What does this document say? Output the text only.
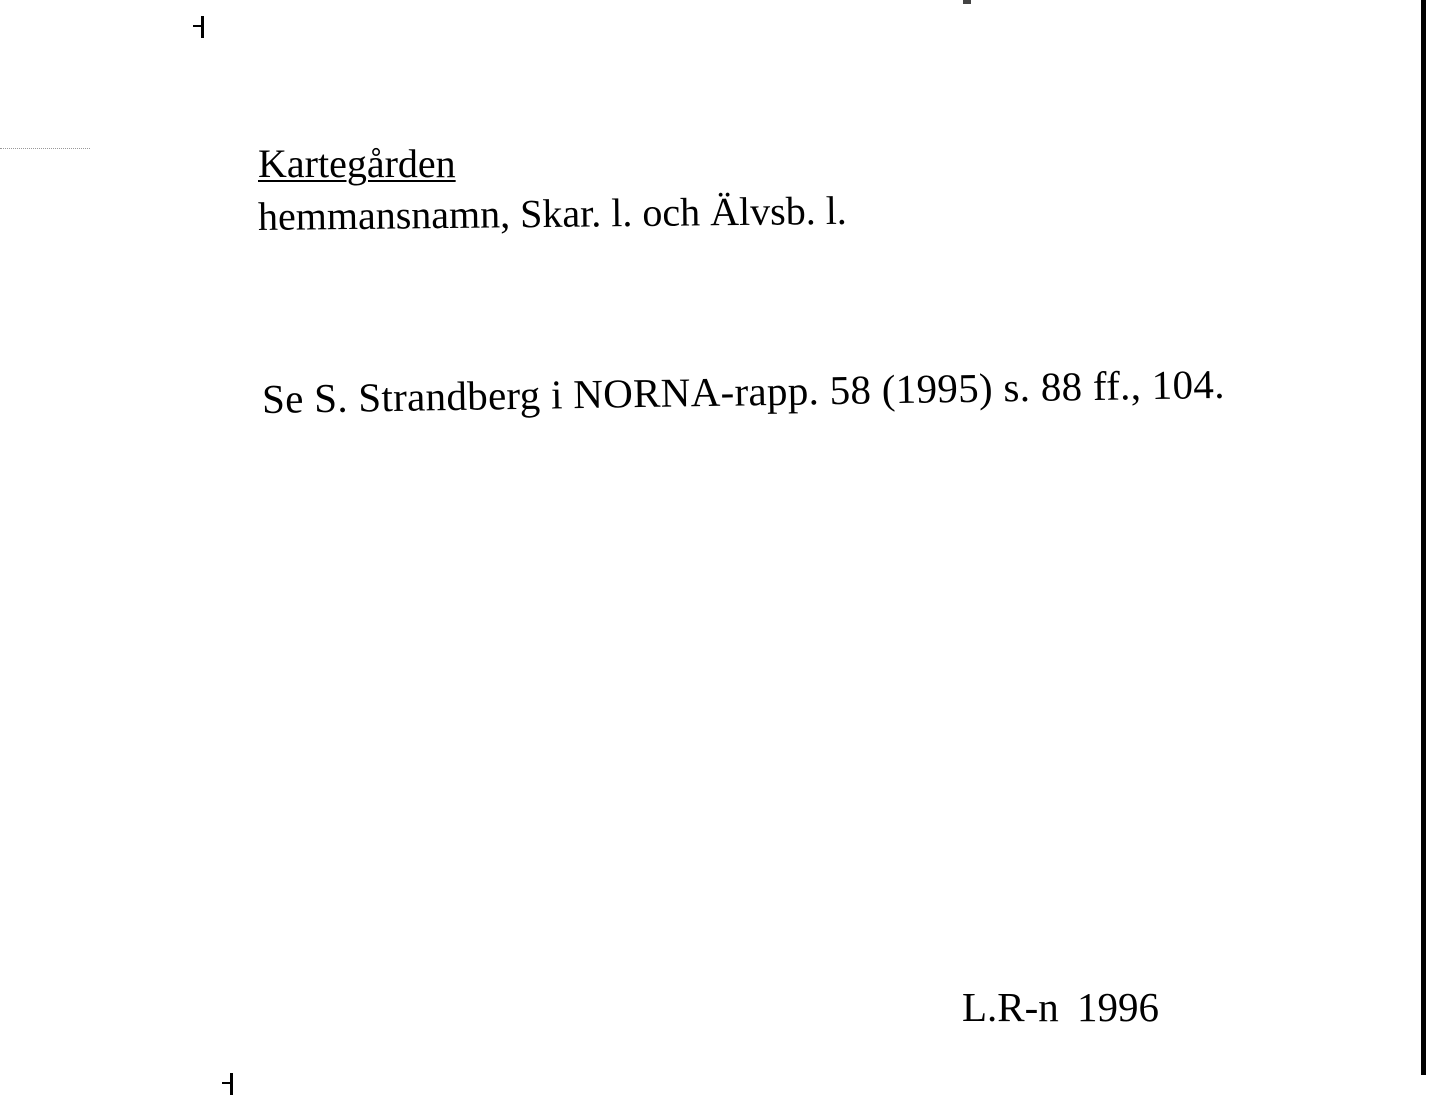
Kartegården
hemmansnamn, Skar. l. och Älvsb. l.
Se S. Strandberg i NORNA-rapp. 58 (1995) s. 88 ff., 104.
L.R-n 1996
